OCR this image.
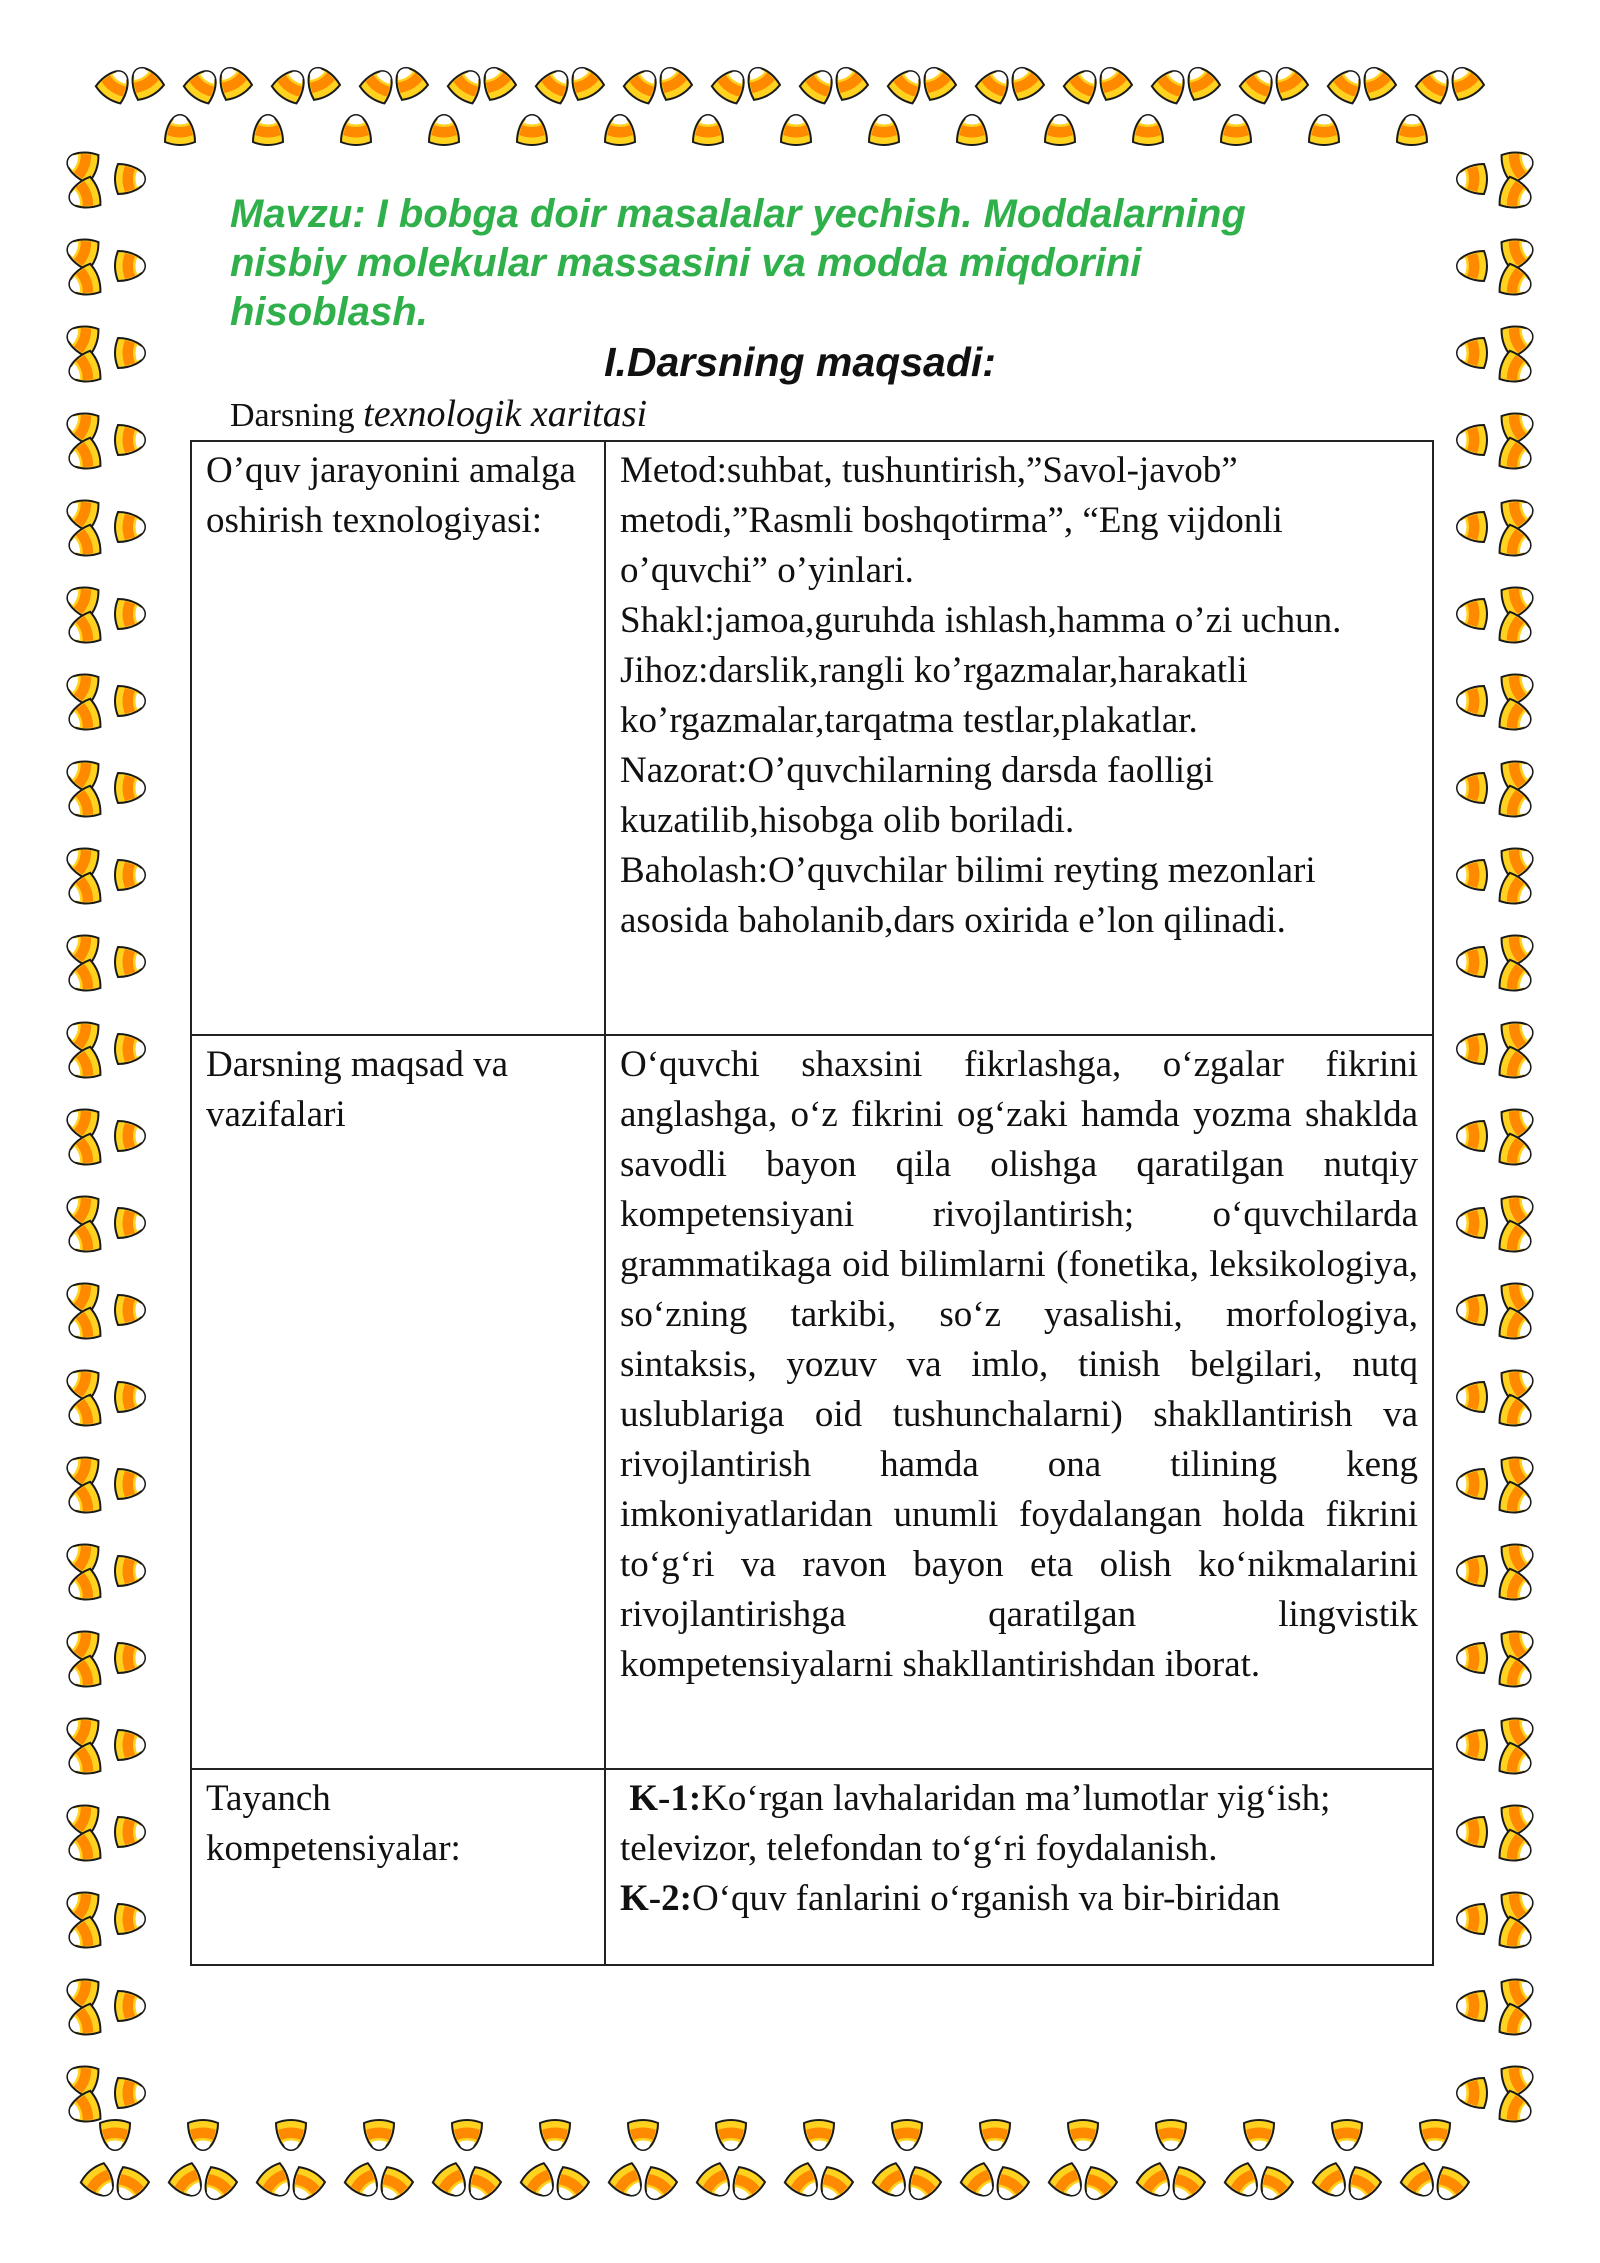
Mavzu: I bobga doir masalalar yechish. Moddalarning
nisbiy molekular massasini va modda miqdorini
hisoblash.
I.Darsning maqsadi:
Darsning texnologik xaritasi
O’quv jarayonini amalga oshirish texnologiyasi:	Metod:suhbat, tushuntirish,”Savol-javob” metodi,”Rasmli boshqotirma”, “Eng vijdonli o’quvchi” o’yinlari.
Shakl:jamoa,guruhda ishlash,hamma o’zi uchun.
Jihoz:darslik,rangli ko’rgazmalar,harakatli ko’rgazmalar,tarqatma testlar,plakatlar.
Nazorat:O’quvchilarning darsda faolligi kuzatilib,hisobga olib boriladi.
Baholash:O’quvchilar bilimi reyting mezonlari asosida baholanib,dars oxirida e’lon qilinadi.

Darsning maqsad va vazifalari	O‘quvchi shaxsini fikrlashga, o‘zgalar fikrini anglashga, o‘z fikrini og‘zaki hamda yozma shaklda savodli bayon qila olishga qaratilgan nutqiy kompetensiyani rivojlantirish; o‘quvchilarda grammatikaga oid bilimlarni (fonetika, leksikologiya, so‘zning tarkibi, so‘z yasalishi, morfologiya, sintaksis, yozuv va imlo, tinish belgilari, nutq uslublariga oid tushunchalarni) shakllantirish va rivojlantirish hamda ona tilining keng imkoniyatlaridan unumli foydalangan holda fikrini to‘g‘ri va ravon bayon eta olish ko‘nikmalarini rivojlantirishga qaratilgan lingvistik kompetensiyalarni shakllantirishdan iborat.
Tayanch kompetensiyalar:	K-1:Ko‘rgan lavhalaridan ma’lumotlar yig‘ish; televizor, telefondan to‘g‘ri foydalanish.
K-2:O‘quv fanlarini o‘rganish va bir-biridan
